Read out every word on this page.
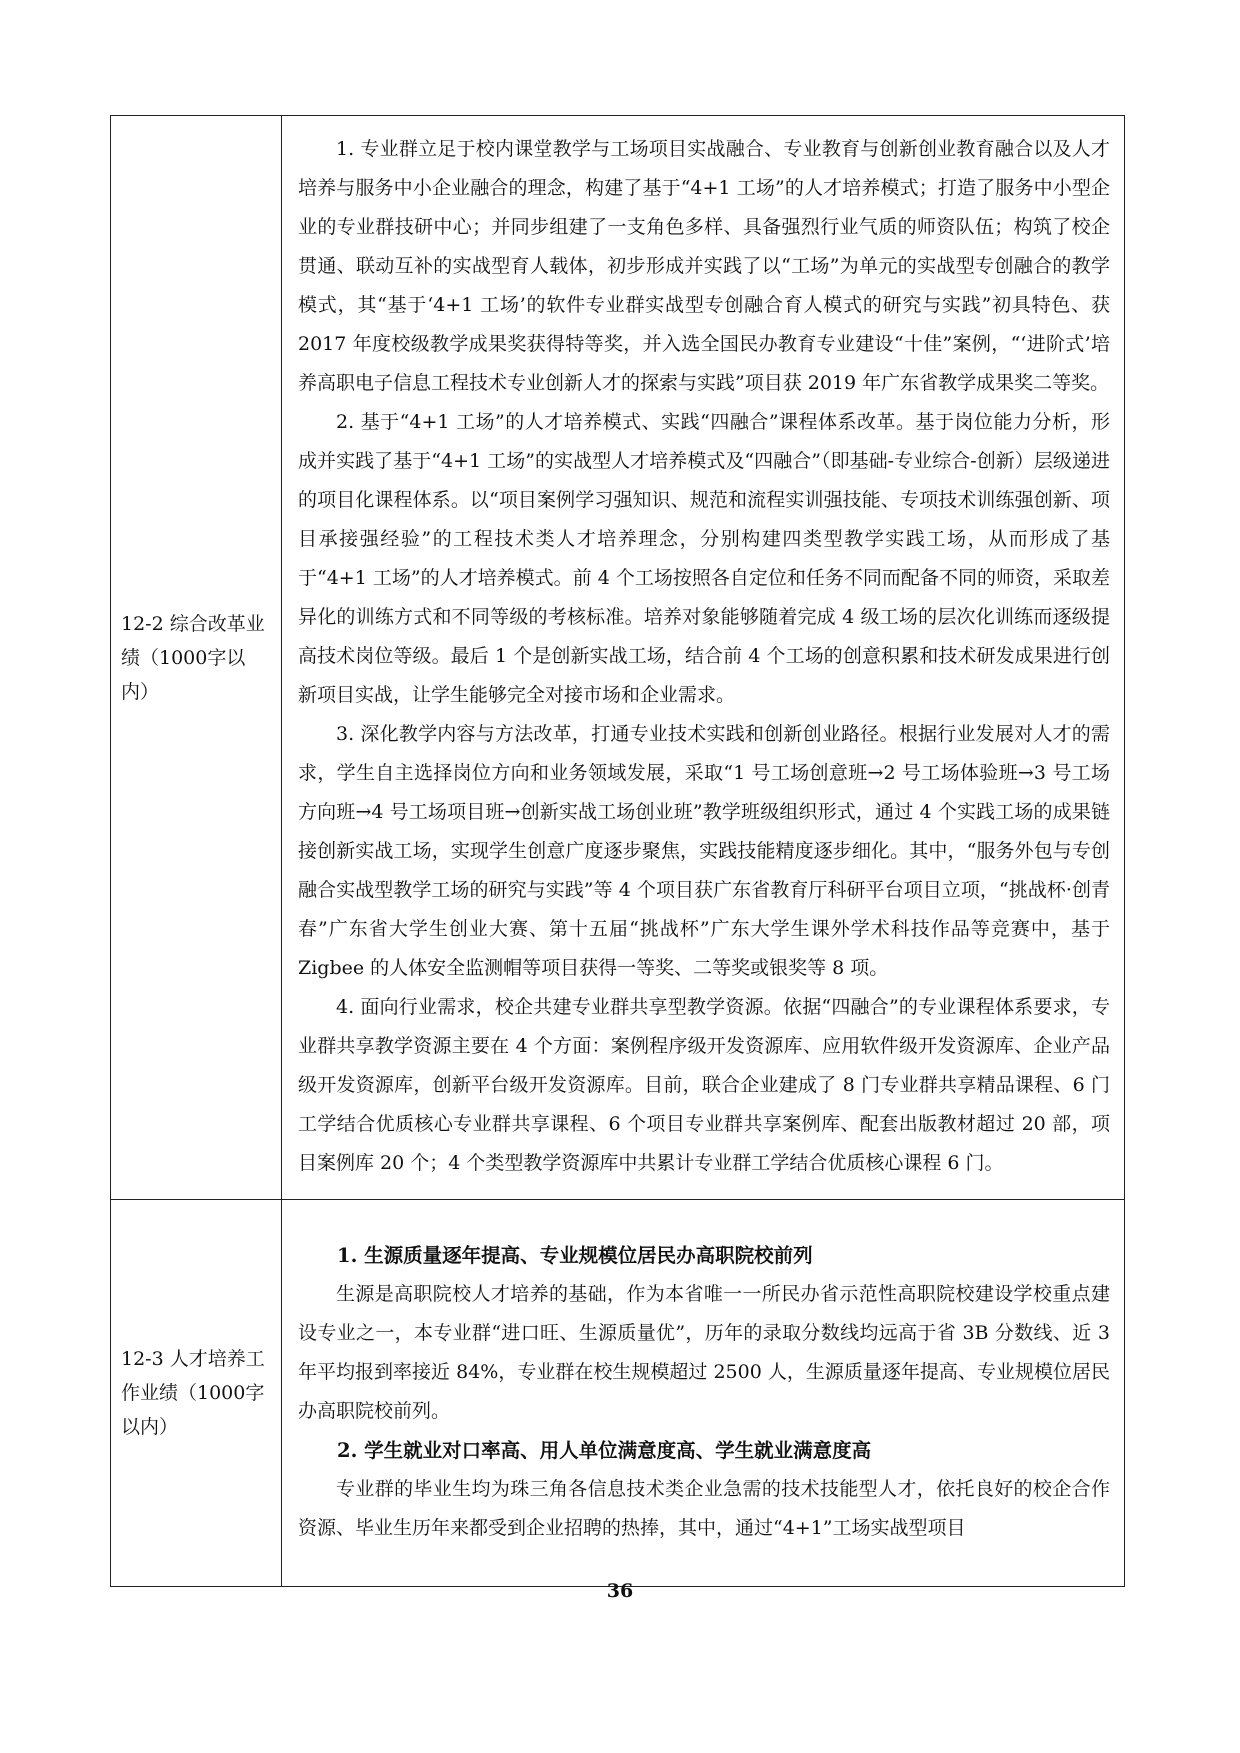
12-2 综合改革业绩（1000字以内）	1. 专业群立足于校内课堂教学与工场项目实战融合、专业教育与创新创业教育融合以及人才培养与服务中小企业融合的理念，构建了基于“4+1 工场”的人才培养模式；打造了服务中小型企业的专业群技研中心；并同步组建了一支角色多样、具备强烈行业气质的师资队伍；构筑了校企贯通、联动互补的实战型育人载体，初步形成并实践了以“工场”为单元的实战型专创融合的教学模式，其“基于‘4+1 工场’的软件专业群实战型专创融合育人模式的研究与实践”初具特色、获 2017 年度校级教学成果奖获得特等奖，并入选全国民办教育专业建设“十佳”案例，“‘进阶式’培养高职电子信息工程技术专业创新人才的探索与实践”项目获 2019 年广东省教学成果奖二等奖。

2. 基于“4+1 工场”的人才培养模式、实践“四融合”课程体系改革。基于岗位能力分析，形成并实践了基于“4+1 工场”的实战型人才培养模式及“四融合”（即基础-专业综合-创新）层级递进的项目化课程体系。以“项目案例学习强知识、规范和流程实训强技能、专项技术训练强创新、项目承接强经验”的工程技术类人才培养理念，分别构建四类型教学实践工场，从而形成了基于“4+1 工场”的人才培养模式。前 4 个工场按照各自定位和任务不同而配备不同的师资，采取差异化的训练方式和不同等级的考核标准。培养对象能够随着完成 4 级工场的层次化训练而逐级提高技术岗位等级。最后 1 个是创新实战工场，结合前 4 个工场的创意积累和技术研发成果进行创新项目实战，让学生能够完全对接市场和企业需求。

3. 深化教学内容与方法改革，打通专业技术实践和创新创业路径。根据行业发展对人才的需求，学生自主选择岗位方向和业务领域发展，采取“1 号工场创意班→2 号工场体验班→3 号工场方向班→4 号工场项目班→创新实战工场创业班”教学班级组织形式，通过 4 个实践工场的成果链接创新实战工场，实现学生创意广度逐步聚焦，实践技能精度逐步细化。其中，“服务外包与专创融合实战型教学工场的研究与实践”等 4 个项目获广东省教育厅科研平台项目立项，“挑战杯·创青春”广东省大学生创业大赛、第十五届“挑战杯”广东大学生课外学术科技作品等竞赛中，基于 Zigbee 的人体安全监测帽等项目获得一等奖、二等奖或银奖等 8 项。

4. 面向行业需求，校企共建专业群共享型教学资源。依据“四融合”的专业课程体系要求，专业群共享教学资源主要在 4 个方面：案例程序级开发资源库、应用软件级开发资源库、企业产品级开发资源库，创新平台级开发资源库。目前，联合企业建成了 8 门专业群共享精品课程、6 门工学结合优质核心专业群共享课程、6 个项目专业群共享案例库、配套出版教材超过 20 部，项目案例库 20 个；4 个类型教学资源库中共累计专业群工学结合优质核心课程 6 门。

12-3 人才培养工作业绩（1000字以内）	1. 生源质量逐年提高、专业规模位居民办高职院校前列

生源是高职院校人才培养的基础，作为本省唯一一所民办省示范性高职院校建设学校重点建设专业之一，本专业群“进口旺、生源质量优”，历年的录取分数线均远高于省 3B 分数线、近 3 年平均报到率接近 84%，专业群在校生规模超过 2500 人，生源质量逐年提高、专业规模位居民办高职院校前列。

2. 学生就业对口率高、用人单位满意度高、学生就业满意度高

专业群的毕业生均为珠三角各信息技术类企业急需的技术技能型人才，依托良好的校企合作资源、毕业生历年来都受到企业招聘的热捧，其中，通过“4+1”工场实战型项目

36
